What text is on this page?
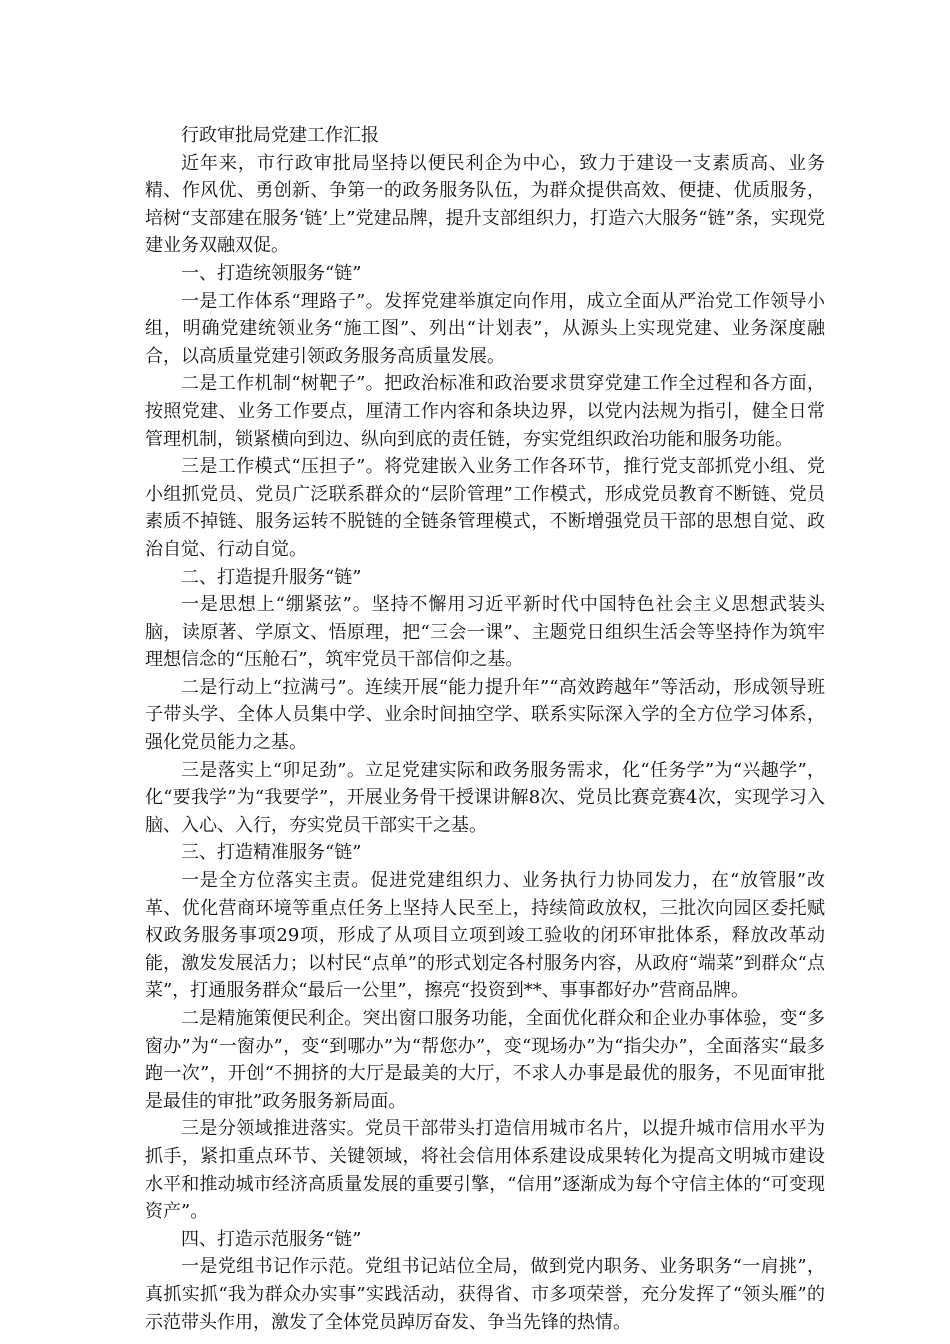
行政审批局党建工作汇报

近年来，市行政审批局坚持以便民利企为中心，致力于建设一支素质高、业务精、作风优、勇创新、争第一的政务服务队伍，为群众提供高效、便捷、优质服务，培树“支部建在服务‘链’上”党建品牌，提升支部组织力，打造六大服务“链”条，实现党建业务双融双促。

一、打造统领服务“链”

一是工作体系“理路子”。发挥党建举旗定向作用，成立全面从严治党工作领导小组，明确党建统领业务“施工图”、列出“计划表”，从源头上实现党建、业务深度融合，以高质量党建引领政务服务高质量发展。

二是工作机制“树靶子”。把政治标准和政治要求贯穿党建工作全过程和各方面，按照党建、业务工作要点，厘清工作内容和条块边界，以党内法规为指引，健全日常管理机制，锁紧横向到边、纵向到底的责任链，夯实党组织政治功能和服务功能。

三是工作模式“压担子”。将党建嵌入业务工作各环节，推行党支部抓党小组、党小组抓党员、党员广泛联系群众的“层阶管理”工作模式，形成党员教育不断链、党员素质不掉链、服务运转不脱链的全链条管理模式，不断增强党员干部的思想自觉、政治自觉、行动自觉。

二、打造提升服务“链”

一是思想上“绷紧弦”。坚持不懈用习近平新时代中国特色社会主义思想武装头脑，读原著、学原文、悟原理，把“三会一课”、主题党日组织生活会等坚持作为筑牢理想信念的“压舱石”，筑牢党员干部信仰之基。

二是行动上“拉满弓”。连续开展“能力提升年”“高效跨越年”等活动，形成领导班子带头学、全体人员集中学、业余时间抽空学、联系实际深入学的全方位学习体系，强化党员能力之基。

三是落实上“卯足劲”。立足党建实际和政务服务需求，化“任务学”为“兴趣学”，化“要我学”为“我要学”，开展业务骨干授课讲解8次、党员比赛竞赛4次，实现学习入脑、入心、入行，夯实党员干部实干之基。

三、打造精准服务“链”

一是全方位落实主责。促进党建组织力、业务执行力协同发力，在“放管服”改革、优化营商环境等重点任务上坚持人民至上，持续简政放权，三批次向园区委托赋权政务服务事项29项，形成了从项目立项到竣工验收的闭环审批体系，释放改革动能，激发发展活力；以村民“点单”的形式划定各村服务内容，从政府“端菜”到群众“点菜”，打通服务群众“最后一公里”，擦亮“投资到**、事事都好办”营商品牌。

二是精施策便民利企。突出窗口服务功能，全面优化群众和企业办事体验，变“多窗办”为“一窗办”，变“到哪办”为“帮您办”，变“现场办”为“指尖办”，全面落实“最多跑一次”，开创“不拥挤的大厅是最美的大厅，不求人办事是最优的服务，不见面审批是最佳的审批”政务服务新局面。

三是分领域推进落实。党员干部带头打造信用城市名片，以提升城市信用水平为抓手，紧扣重点环节、关键领域，将社会信用体系建设成果转化为提高文明城市建设水平和推动城市经济高质量发展的重要引擎，“信用”逐渐成为每个守信主体的“可变现资产”。

四、打造示范服务“链”

一是党组书记作示范。党组书记站位全局，做到党内职务、业务职务“一肩挑”，真抓实抓“我为群众办实事”实践活动，获得省、市多项荣誉，充分发挥了“领头雁”的示范带头作用，激发了全体党员踔厉奋发、争当先锋的热情。
